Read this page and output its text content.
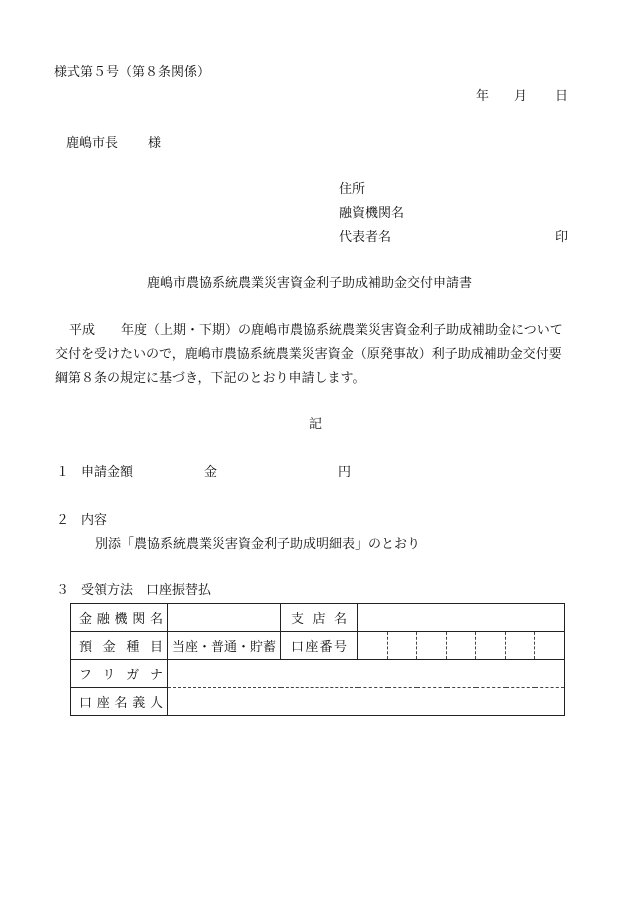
様式第５号（第８条関係）
年 月 日
鹿嶋市長 様
住所
融資機関名
代表者名	印
鹿嶋市農協系統農業災害資金利子助成補助金交付申請書
平成　　年度（上期・下期）の鹿嶋市農協系統農業災害資金利子助成補助金について
交付を受けたいので，鹿嶋市農協系統農業災害資金（原発事故）利子助成補助金交付要
綱第８条の規定に基づき，下記のとおり申請します。
記
１ 申請金額	金	円
２ 内容
別添「農協系統農業災害資金利子助成明細表」のとおり
３ 受領方法　口座振替払
金融機関名		支店名							
預金種目	当座・普通・貯蓄	口座番号							
フリガナ									
口座名義人									
